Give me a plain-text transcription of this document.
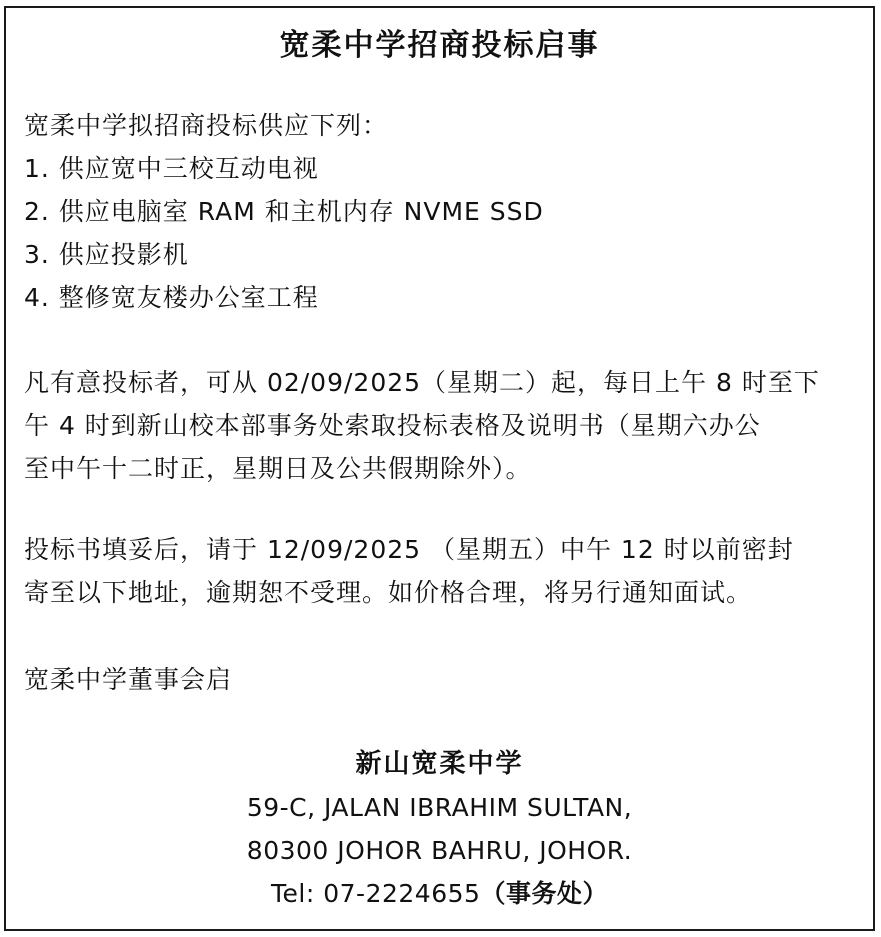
宽柔中学招商投标启事
宽柔中学拟招商投标供应下列：
1. 供应宽中三校互动电视
2. 供应电脑室 RAM 和主机内存 NVME SSD
3. 供应投影机
4. 整修宽友楼办公室工程
凡有意投标者，可从 02/09/2025（星期二）起，每日上午 8 时至下
午 4 时到新山校本部事务处索取投标表格及说明书（星期六办公
至中午十二时正，星期日及公共假期除外）。
投标书填妥后，请于 12/09/2025 （星期五）中午 12 时以前密封
寄至以下地址，逾期恕不受理。如价格合理，将另行通知面试。
宽柔中学董事会启
新山宽柔中学
59-C, JALAN IBRAHIM SULTAN,
80300 JOHOR BAHRU, JOHOR.
Tel: 07-2224655（事务处）
